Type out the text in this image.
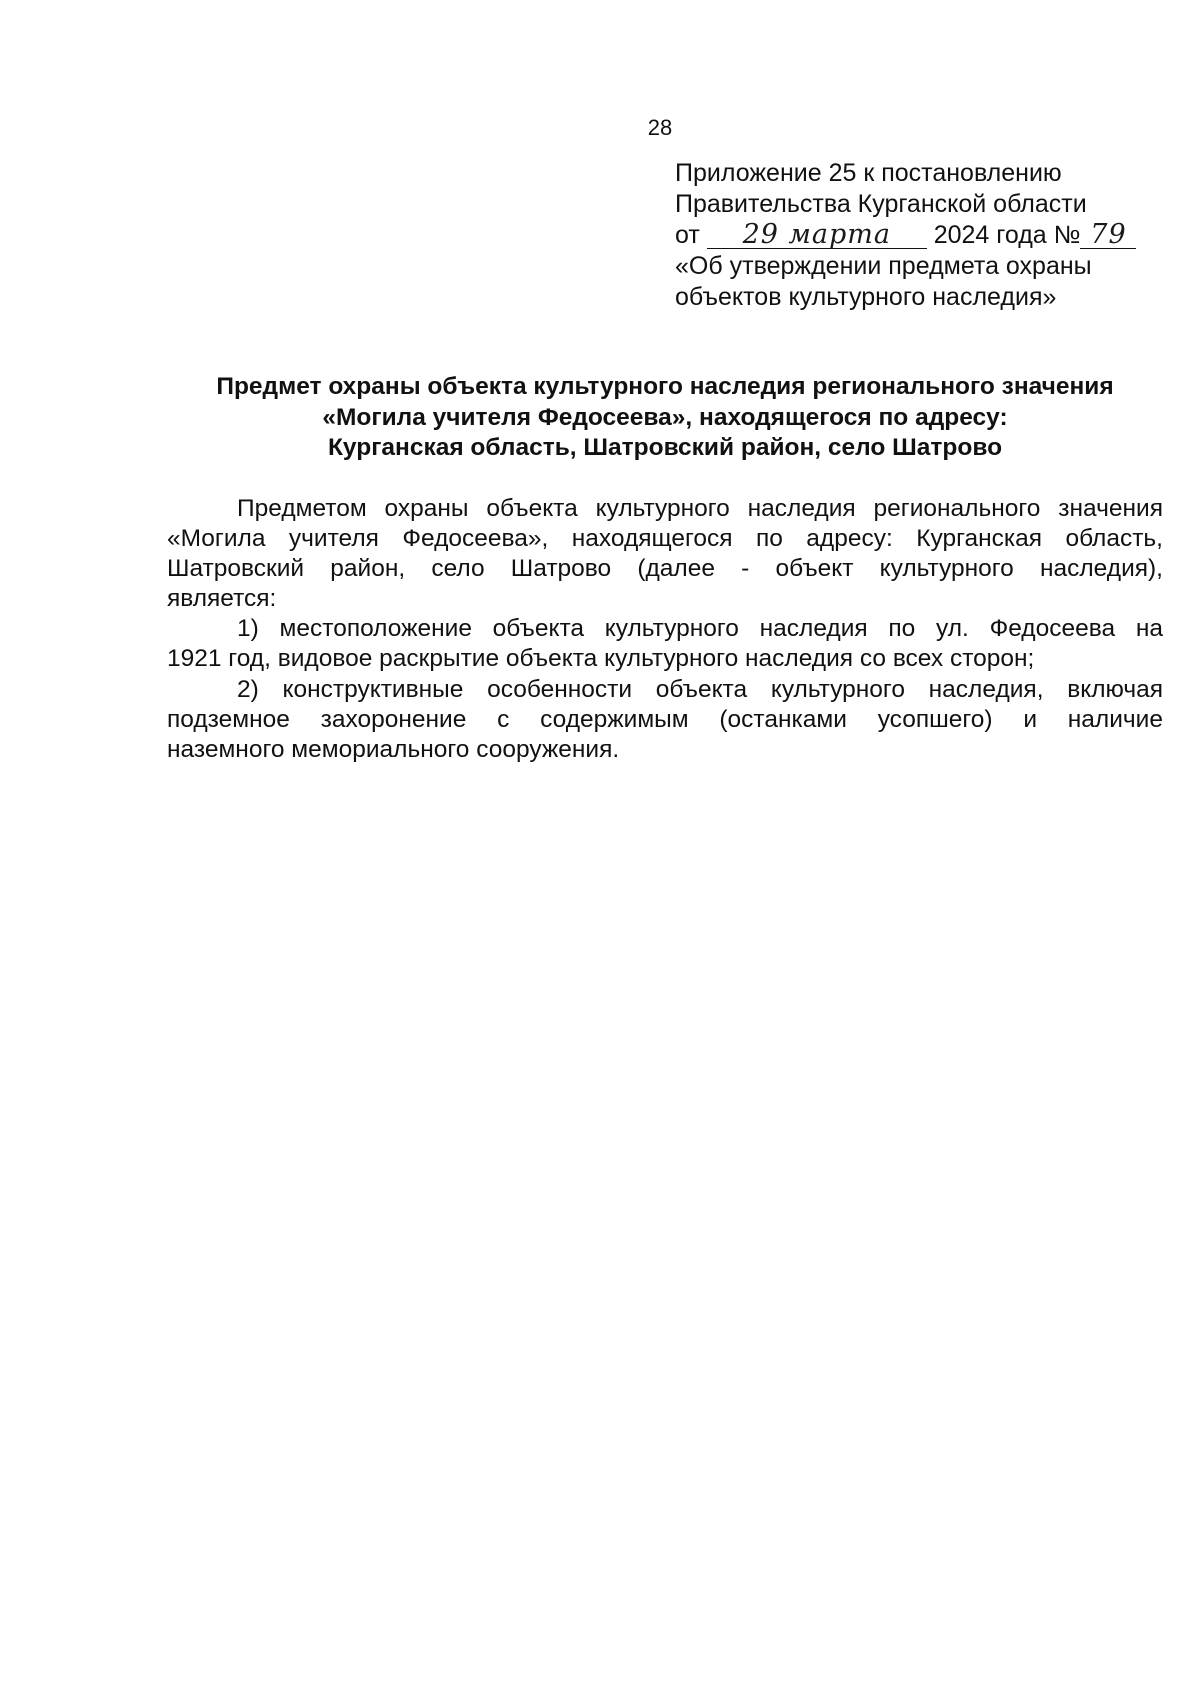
28
Приложение 25 к постановлению
Правительства Курганской области
от 29 марта 2024 года № 79
«Об утверждении предмета охраны
объектов культурного наследия»
Предмет охраны объекта культурного наследия регионального значения
«Могила учителя Федосеева», находящегося по адресу:
Курганская область, Шатровский район, село Шатрово
Предметом охраны объекта культурного наследия регионального значения
«Могила учителя Федосеева», находящегося по адресу: Курганская область,
Шатровский район, село Шатрово (далее - объект культурного наследия),
является:
1) местоположение объекта культурного наследия по ул. Федосеева на
1921 год, видовое раскрытие объекта культурного наследия со всех сторон;
2) конструктивные особенности объекта культурного наследия, включая
подземное захоронение с содержимым (останками усопшего) и наличие
наземного мемориального сооружения.
